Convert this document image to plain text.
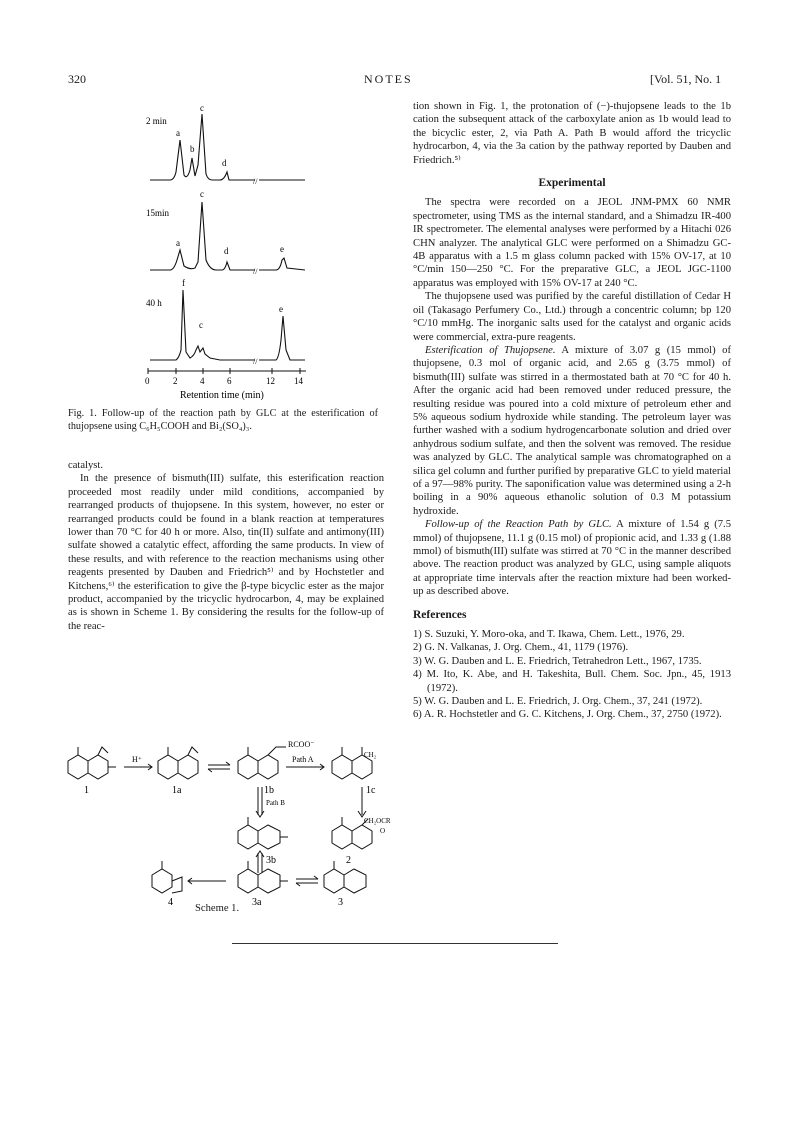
320	NOTES	[Vol. 51, No. 1
2 min
a
b
c
d
//
15min
a
c
d	e
//
40 h
f
c
e
//
0	2	4	6	12 14
Retention time (min)
Fig. 1. Follow-up of the reaction path by GLC at the esterification of thujopsene using C₆H₅COOH and Bi₂(SO₄)₃.

catalyst.

In the presence of bismuth(III) sulfate, this esterification reaction proceeded most readily under mild conditions, accompanied by rearranged products of thujopsene. In this system, however, no ester or rearranged products could be found in a blank reaction at temperatures lower than 70 °C for 40 h or more. Also, tin(II) sulfate and antimony(III) sulfate showed a catalytic effect, affording the same products. In view of these results, and with reference to the reaction mechanisms using other reagents presented by Dauben and Friedrich⁵⁾ and by Hochstetler and Kitchens,⁶⁾ the esterification to give the β-type bicyclic ester as the major product, accompanied by the tricyclic hydrocarbon, 4, may be explained as is shown in Scheme 1. By considering the results for the follow-up of the reac-

H⁺
RCOO⁻
Path A
Path B
CH₂
CH₂OCR
O
1	1a	1b	1c
2
3b
3a	3
4
Scheme 1.

tion shown in Fig. 1, the protonation of (−)-thujopsene leads to the 1b cation the subsequent attack of the carboxylate anion as 1b would lead to the bicyclic ester, 2, via Path A. Path B would afford the tricyclic hydrocarbon, 4, via the 3a cation by the pathway reported by Dauben and Friedrich.⁵⁾

Experimental

The spectra were recorded on a JEOL JNM-PMX 60 NMR spectrometer, using TMS as the internal standard, and a Shimadzu IR-400 IR spectrometer. The elemental analyses were performed by a Hitachi 026 CHN analyzer. The analytical GLC were performed on a Shimadzu GC-4B apparatus with a 1.5 m glass column packed with 15% OV-17, at 10 °C/min 150—250 °C. For the preparative GLC, a JEOL JGC-1100 apparatus was employed with 15% OV-17 at 240 °C.

The thujopsene used was purified by the careful distillation of Cedar H oil (Takasago Perfumery Co., Ltd.) through a concentric column; bp 120 °C/10 mmHg. The inorganic salts used for the catalyst and organic acids were commercial, extra-pure reagents.

Esterification of Thujopsene. A mixture of 3.07 g (15 mmol) of thujopsene, 0.3 mol of organic acid, and 2.65 g (3.75 mmol) of bismuth(III) sulfate was stirred in a thermostated bath at 70 °C for 40 h. After the organic acid had been removed under reduced pressure, the resulting residue was poured into a cold mixture of petroleum ether and 5% aqueous sodium hydroxide while standing. The petroleum layer was further washed with a sodium hydrogencarbonate solution and dried over anhydrous sodium sulfate, and then the solvent was removed. The residue was analyzed by GLC. The analytical sample was chromatographed on a silica gel column and further purified by preparative GLC to yield material of a 97—98% purity. The saponification value was determined using a 2-h boiling in a 90% aqueous ethanolic solution of 0.3 M potassium hydroxide.

Follow-up of the Reaction Path by GLC. A mixture of 1.54 g (7.5 mmol) of thujopsene, 11.1 g (0.15 mol) of propionic acid, and 1.33 g (1.88 mmol) of bismuth(III) sulfate was stirred at 70 °C in the manner described above. The reaction product was analyzed by GLC, using sample aliquots at appropriate time intervals after the reaction mixture had been worked-up as described above.

References

1) S. Suzuki, Y. Moro-oka, and T. Ikawa, Chem. Lett., 1976, 29.

2) G. N. Valkanas, J. Org. Chem., 41, 1179 (1976).

3) W. G. Dauben and L. E. Friedrich, Tetrahedron Lett., 1967, 1735.

4) M. Ito, K. Abe, and H. Takeshita, Bull. Chem. Soc. Jpn., 45, 1913 (1972).

5) W. G. Dauben and L. E. Friedrich, J. Org. Chem., 37, 241 (1972).

6) A. R. Hochstetler and G. C. Kitchens, J. Org. Chem., 37, 2750 (1972).
